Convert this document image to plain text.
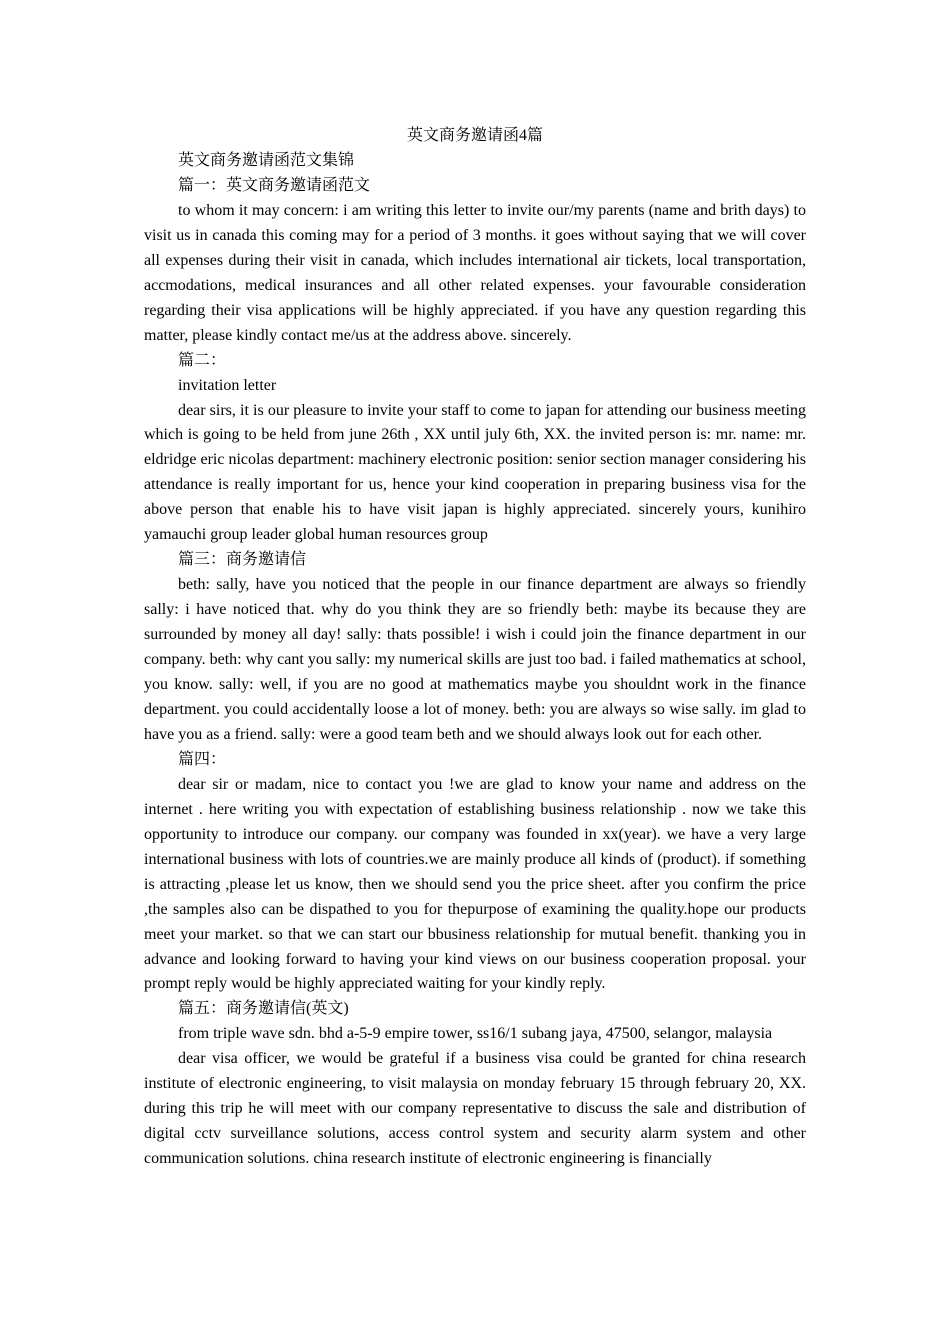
英文商务邀请函4篇
英文商务邀请函范文集锦
篇一：英文商务邀请函范文
to whom it may concern: i am writing this letter to invite our/my parents (name and brith days) to visit us in canada this coming may for a period of 3 months. it goes without saying that we will cover all expenses during their visit in canada, which includes international air tickets, local transportation, accmodations, medical insurances and all other related expenses. your favourable consideration regarding their visa applications will be highly appreciated. if you have any question regarding this matter, please kindly contact me/us at the address above. sincerely.
篇二：
invitation letter
dear sirs, it is our pleasure to invite your staff to come to japan for attending our business meeting which is going to be held from june 26th , XX until july 6th, XX. the invited person is: mr. name: mr. eldridge eric nicolas department: machinery electronic position: senior section manager considering his attendance is really important for us, hence your kind cooperation in preparing business visa for the above person that enable his to have visit japan is highly appreciated. sincerely yours, kunihiro yamauchi group leader global human resources group
篇三：商务邀请信
beth: sally, have you noticed that the people in our finance department are always so friendly sally: i have noticed that. why do you think they are so friendly beth: maybe its because they are surrounded by money all day! sally: thats possible! i wish i could join the finance department in our company. beth: why cant you sally: my numerical skills are just too bad. i failed mathematics at school, you know. sally: well, if you are no good at mathematics maybe you shouldnt work in the finance department. you could accidentally loose a lot of money. beth: you are always so wise sally. im glad to have you as a friend. sally: were a good team beth and we should always look out for each other.
篇四：
dear sir or madam, nice to contact you !we are glad to know your name and address on the internet . here writing you with expectation of establishing business relationship . now we take this opportunity to introduce our company. our company was founded in xx(year). we have a very large international business with lots of countries.we are mainly produce all kinds of (product). if something is attracting ,please let us know, then we should send you the price sheet. after you confirm the price ,the samples also can be dispathed to you for thepurpose of examining the quality.hope our products meet your market. so that we can start our bbusiness relationship for mutual benefit. thanking you in advance and looking forward to having your kind views on our business cooperation proposal. your prompt reply would be highly appreciated waiting for your kindly reply.
篇五：商务邀请信(英文)
from triple wave sdn. bhd a-5-9 empire tower, ss16/1 subang jaya, 47500, selangor, malaysia
dear visa officer, we would be grateful if a business visa could be granted for china research institute of electronic engineering, to visit malaysia on monday february 15 through february 20, XX. during this trip he will meet with our company representative to discuss the sale and distribution of digital cctv surveillance solutions, access control system and security alarm system and other communication solutions. china research institute of electronic engineering is financially
